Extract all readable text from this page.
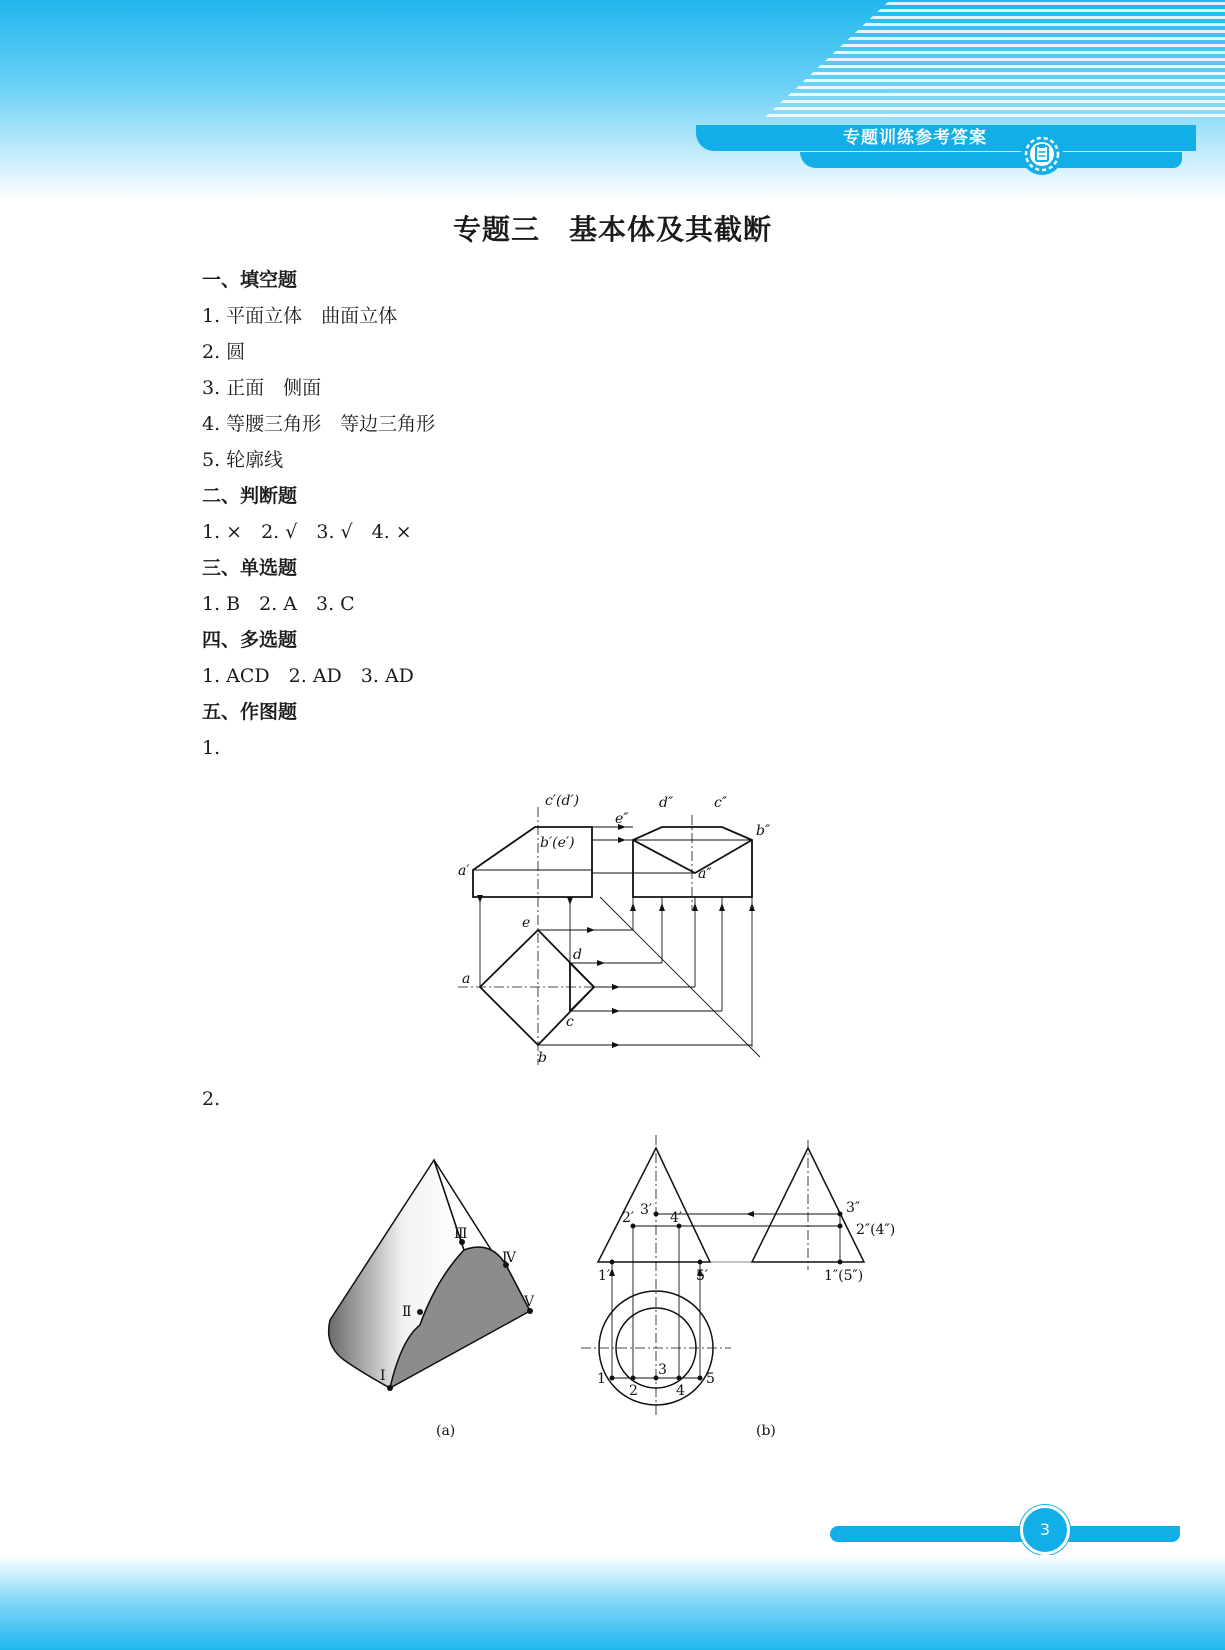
专题训练参考答案
专题三　基本体及其截断
一、填空题
1. 平面立体　曲面立体
2. 圆
3. 正面　侧面
4. 等腰三角形　等边三角形
5. 轮廓线
二、判断题
1. ×　2. √　3. √　4. ×
三、单选题
1. B　2. A　3. C
四、多选题
1. ACD　2. AD　3. AD
五、作图题
1.
c′(d′)
b′(e′)
a′
e″
d″	c″
b″
a″
e
d
a
c
b
2.
Ⅰ
Ⅱ
Ⅲ
Ⅳ
Ⅴ
(a)
2′ 3′ 4′
1′	5′
3″
2″(4″)
1″(5″)
1
2
3
4
5
(b)
3
